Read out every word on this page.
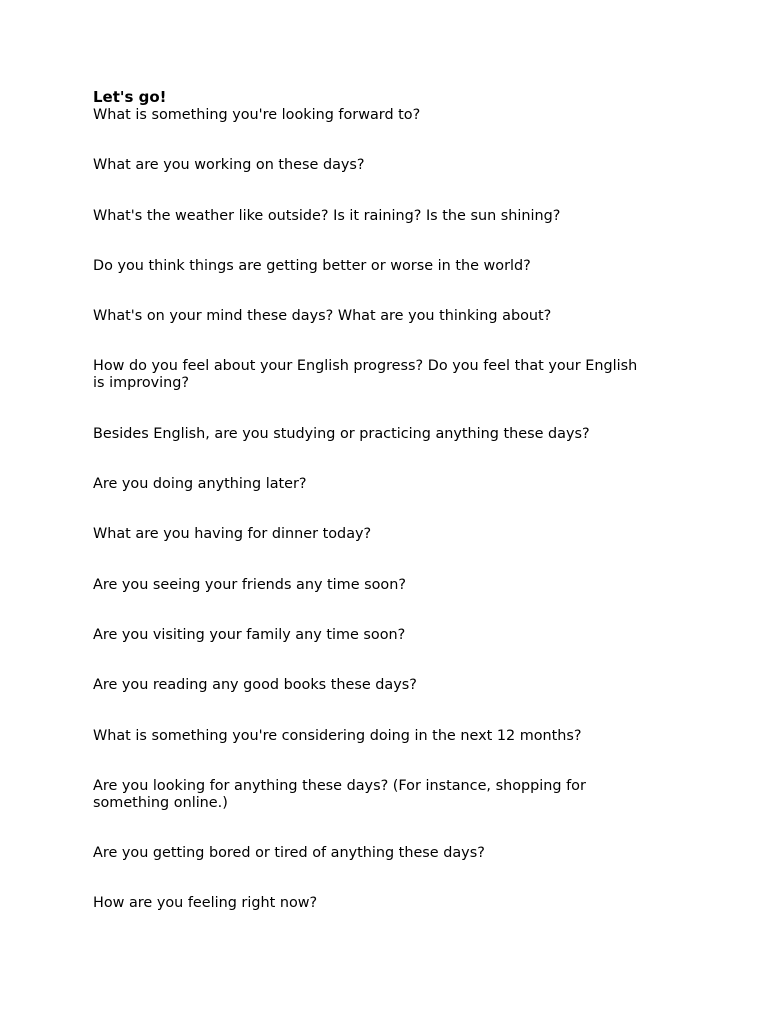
Let's go!
What is something you're looking forward to?
What are you working on these days?
What's the weather like outside? Is it raining? Is the sun shining?
Do you think things are getting better or worse in the world?
What's on your mind these days? What are you thinking about?
How do you feel about your English progress? Do you feel that your English is improving?
Besides English, are you studying or practicing anything these days?
Are you doing anything later?
What are you having for dinner today?
Are you seeing your friends any time soon?
Are you visiting your family any time soon?
Are you reading any good books these days?
What is something you're considering doing in the next 12 months?
Are you looking for anything these days? (For instance, shopping for something online.)
Are you getting bored or tired of anything these days?
How are you feeling right now?
